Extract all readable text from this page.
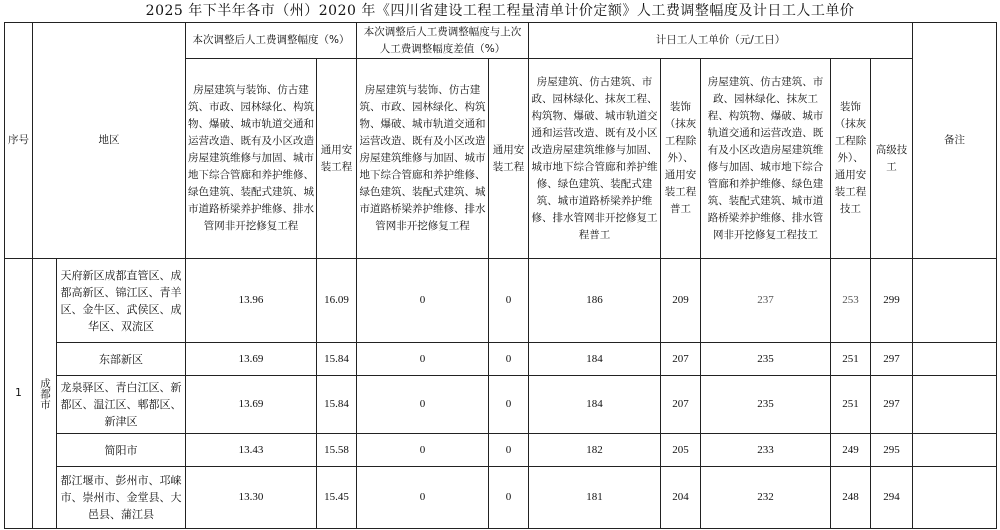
2025 年下半年各市（州）2020 年《四川省建设工程工程量清单计价定额》人工费调整幅度及计日工人工单价
序号	地区		本次调整后人工费调整幅度（%）		本次调整后人工费调整幅度与上次人工费调整幅度差值（%）		计日工人工单价（元/工日）					备注
			房屋建筑与装饰、仿古建筑、市政、园林绿化、构筑物、爆破、城市轨道交通和运营改造、既有及小区改造房屋建筑维修与加固、城市地下综合管廊和养护维修、绿色建筑、装配式建筑、城市道路桥梁养护维修、排水管网非开挖修复工程	通用安装工程	房屋建筑与装饰、仿古建筑、市政、园林绿化、构筑物、爆破、城市轨道交通和运营改造、既有及小区改造房屋建筑维修与加固、城市地下综合管廊和养护维修、绿色建筑、装配式建筑、城市道路桥梁养护维修、排水管网非开挖修复工程	通用安装工程	房屋建筑、仿古建筑、市政、园林绿化、抹灰工程、构筑物、爆破、城市轨道交通和运营改造、既有及小区改造房屋建筑维修与加固、城市地下综合管廊和养护维修、绿色建筑、装配式建筑、城市道路桥梁养护维修、排水管网非开挖修复工程普工	装饰（抹灰工程除外）、通用安装工程普工	房屋建筑、仿古建筑、市政、园林绿化、抹灰工程、构筑物、爆破、城市轨道交通和运营改造、既有及小区改造房屋建筑维修与加固、城市地下综合管廊和养护维修、绿色建筑、装配式建筑、城市道路桥梁养护维修、排水管网非开挖修复工程技工	装饰（抹灰工程除外）、通用安装工程技工	高级技工	
1	成都市	天府新区成都直管区、成都高新区、锦江区、青羊区、金牛区、武侯区、成华区、双流区	13.96	16.09	0	0	186	209	237	253	299	
		东部新区	13.69	15.84	0	0	184	207	235	251	297	
		龙泉驿区、青白江区、新都区、温江区、郫都区、新津区	13.69	15.84	0	0	184	207	235	251	297	
		简阳市	13.43	15.58	0	0	182	205	233	249	295	
		都江堰市、彭州市、邛崃市、崇州市、金堂县、大邑县、蒲江县	13.30	15.45	0	0	181	204	232	248	294	
